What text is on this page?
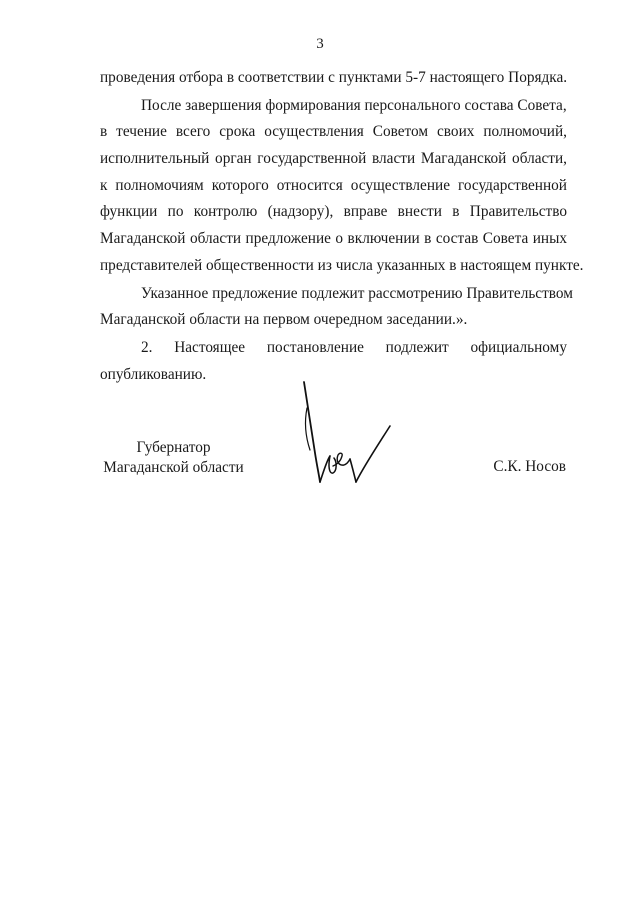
3
проведения отбора в соответствии с пунктами 5-7 настоящего Порядка.
После завершения формирования персонального состава Совета,
в течение всего срока осуществления Советом своих полномочий,
исполнительный орган государственной власти Магаданской области,
к полномочиям которого относится осуществление государственной
функции по контролю (надзору), вправе внести в Правительство
Магаданской области предложение о включении в состав Совета иных
представителей общественности из числа указанных в настоящем пункте.
Указанное предложение подлежит рассмотрению Правительством
Магаданской области на первом очередном заседании.».
2. Настоящее постановление подлежит официальному
опубликованию.
Губернатор
Магаданской области	С.К. Носов
